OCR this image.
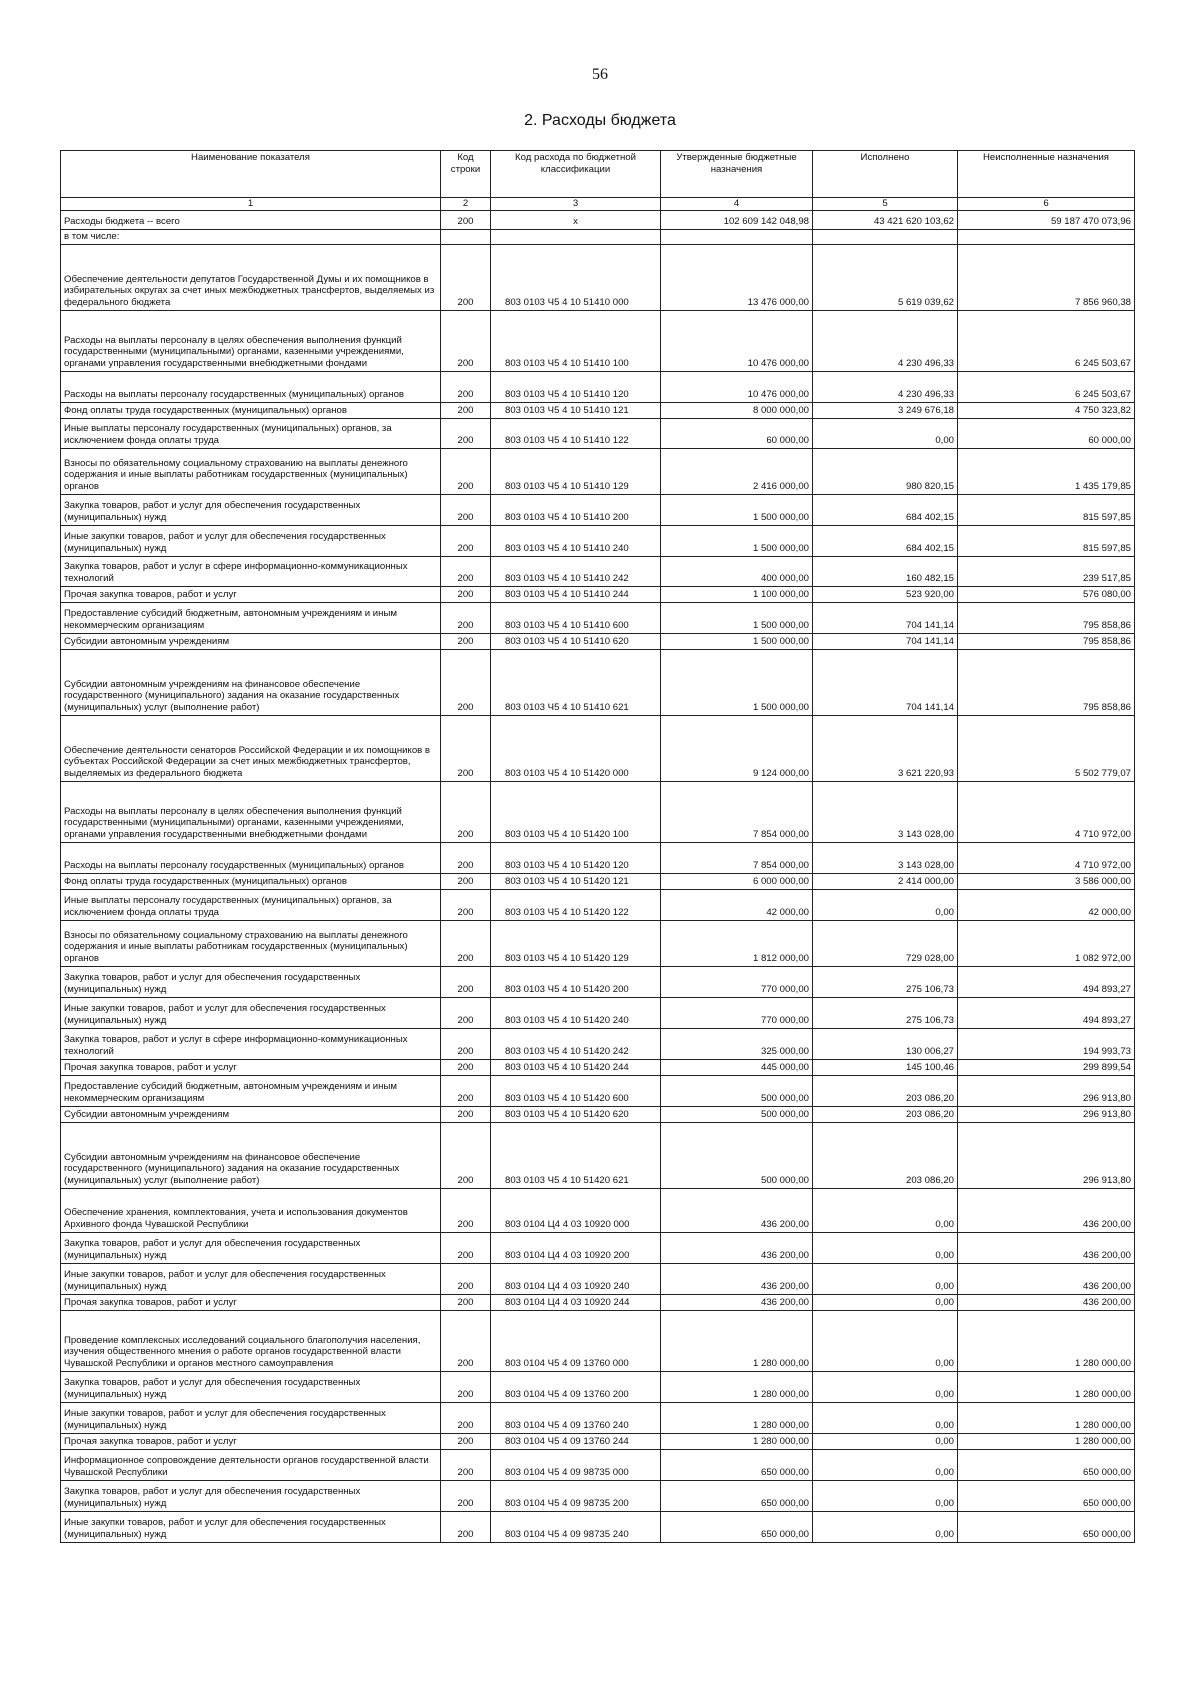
56
2. Расходы бюджета
Наименование показателя	Код строки	Код расхода по бюджетной классификации	Утвержденные бюджетные назначения	Исполнено	Неисполненные назначения
1	2	3	4	5	6
Расходы бюджета -- всего	200	x	102 609 142 048,98	43 421 620 103,62	59 187 470 073,96
в том числе:					
Обеспечение деятельности депутатов Государственной Думы и их помощников в избирательных округах за счет иных межбюджетных трансфертов, выделяемых из федерального бюджета	200	803 0103 Ч5 4 10 51410 000	13 476 000,00	5 619 039,62	7 856 960,38
Расходы на выплаты персоналу в целях обеспечения выполнения функций государственными (муниципальными) органами, казенными учреждениями, органами управления государственными внебюджетными фондами	200	803 0103 Ч5 4 10 51410 100	10 476 000,00	4 230 496,33	6 245 503,67
Расходы на выплаты персоналу государственных (муниципальных) органов	200	803 0103 Ч5 4 10 51410 120	10 476 000,00	4 230 496,33	6 245 503,67
Фонд оплаты труда государственных (муниципальных) органов	200	803 0103 Ч5 4 10 51410 121	8 000 000,00	3 249 676,18	4 750 323,82
Иные выплаты персоналу государственных (муниципальных) органов, за исключением фонда оплаты труда	200	803 0103 Ч5 4 10 51410 122	60 000,00	0,00	60 000,00
Взносы по обязательному социальному страхованию на выплаты денежного содержания и иные выплаты работникам государственных (муниципальных) органов	200	803 0103 Ч5 4 10 51410 129	2 416 000,00	980 820,15	1 435 179,85
Закупка товаров, работ и услуг для обеспечения государственных (муниципальных) нужд	200	803 0103 Ч5 4 10 51410 200	1 500 000,00	684 402,15	815 597,85
Иные закупки товаров, работ и услуг для обеспечения государственных (муниципальных) нужд	200	803 0103 Ч5 4 10 51410 240	1 500 000,00	684 402,15	815 597,85
Закупка товаров, работ и услуг в сфере информационно-коммуникационных технологий	200	803 0103 Ч5 4 10 51410 242	400 000,00	160 482,15	239 517,85
Прочая закупка товаров, работ и услуг	200	803 0103 Ч5 4 10 51410 244	1 100 000,00	523 920,00	576 080,00
Предоставление субсидий бюджетным, автономным учреждениям и иным некоммерческим организациям	200	803 0103 Ч5 4 10 51410 600	1 500 000,00	704 141,14	795 858,86
Субсидии автономным учреждениям	200	803 0103 Ч5 4 10 51410 620	1 500 000,00	704 141,14	795 858,86
Субсидии автономным учреждениям на финансовое обеспечение государственного (муниципального) задания на оказание государственных (муниципальных) услуг (выполнение работ)	200	803 0103 Ч5 4 10 51410 621	1 500 000,00	704 141,14	795 858,86
Обеспечение деятельности сенаторов Российской Федерации и их помощников в субъектах Российской Федерации за счет иных межбюджетных трансфертов, выделяемых из федерального бюджета	200	803 0103 Ч5 4 10 51420 000	9 124 000,00	3 621 220,93	5 502 779,07
Расходы на выплаты персоналу в целях обеспечения выполнения функций государственными (муниципальными) органами, казенными учреждениями, органами управления государственными внебюджетными фондами	200	803 0103 Ч5 4 10 51420 100	7 854 000,00	3 143 028,00	4 710 972,00
Расходы на выплаты персоналу государственных (муниципальных) органов	200	803 0103 Ч5 4 10 51420 120	7 854 000,00	3 143 028,00	4 710 972,00
Фонд оплаты труда государственных (муниципальных) органов	200	803 0103 Ч5 4 10 51420 121	6 000 000,00	2 414 000,00	3 586 000,00
Иные выплаты персоналу государственных (муниципальных) органов, за исключением фонда оплаты труда	200	803 0103 Ч5 4 10 51420 122	42 000,00	0,00	42 000,00
Взносы по обязательному социальному страхованию на выплаты денежного содержания и иные выплаты работникам государственных (муниципальных) органов	200	803 0103 Ч5 4 10 51420 129	1 812 000,00	729 028,00	1 082 972,00
Закупка товаров, работ и услуг для обеспечения государственных (муниципальных) нужд	200	803 0103 Ч5 4 10 51420 200	770 000,00	275 106,73	494 893,27
Иные закупки товаров, работ и услуг для обеспечения государственных (муниципальных) нужд	200	803 0103 Ч5 4 10 51420 240	770 000,00	275 106,73	494 893,27
Закупка товаров, работ и услуг в сфере информационно-коммуникационных технологий	200	803 0103 Ч5 4 10 51420 242	325 000,00	130 006,27	194 993,73
Прочая закупка товаров, работ и услуг	200	803 0103 Ч5 4 10 51420 244	445 000,00	145 100,46	299 899,54
Предоставление субсидий бюджетным, автономным учреждениям и иным некоммерческим организациям	200	803 0103 Ч5 4 10 51420 600	500 000,00	203 086,20	296 913,80
Субсидии автономным учреждениям	200	803 0103 Ч5 4 10 51420 620	500 000,00	203 086,20	296 913,80
Субсидии автономным учреждениям на финансовое обеспечение государственного (муниципального) задания на оказание государственных (муниципальных) услуг (выполнение работ)	200	803 0103 Ч5 4 10 51420 621	500 000,00	203 086,20	296 913,80
Обеспечение хранения, комплектования, учета и использования документов Архивного фонда Чувашской Республики	200	803 0104 Ц4 4 03 10920 000	436 200,00	0,00	436 200,00
Закупка товаров, работ и услуг для обеспечения государственных (муниципальных) нужд	200	803 0104 Ц4 4 03 10920 200	436 200,00	0,00	436 200,00
Иные закупки товаров, работ и услуг для обеспечения государственных (муниципальных) нужд	200	803 0104 Ц4 4 03 10920 240	436 200,00	0,00	436 200,00
Прочая закупка товаров, работ и услуг	200	803 0104 Ц4 4 03 10920 244	436 200,00	0,00	436 200,00
Проведение комплексных исследований социального благополучия населения, изучения общественного мнения о работе органов государственной власти Чувашской Республики и органов местного самоуправления	200	803 0104 Ч5 4 09 13760 000	1 280 000,00	0,00	1 280 000,00
Закупка товаров, работ и услуг для обеспечения государственных (муниципальных) нужд	200	803 0104 Ч5 4 09 13760 200	1 280 000,00	0,00	1 280 000,00
Иные закупки товаров, работ и услуг для обеспечения государственных (муниципальных) нужд	200	803 0104 Ч5 4 09 13760 240	1 280 000,00	0,00	1 280 000,00
Прочая закупка товаров, работ и услуг	200	803 0104 Ч5 4 09 13760 244	1 280 000,00	0,00	1 280 000,00
Информационное сопровождение деятельности органов государственной власти Чувашской Республики	200	803 0104 Ч5 4 09 98735 000	650 000,00	0,00	650 000,00
Закупка товаров, работ и услуг для обеспечения государственных (муниципальных) нужд	200	803 0104 Ч5 4 09 98735 200	650 000,00	0,00	650 000,00
Иные закупки товаров, работ и услуг для обеспечения государственных (муниципальных) нужд	200	803 0104 Ч5 4 09 98735 240	650 000,00	0,00	650 000,00
